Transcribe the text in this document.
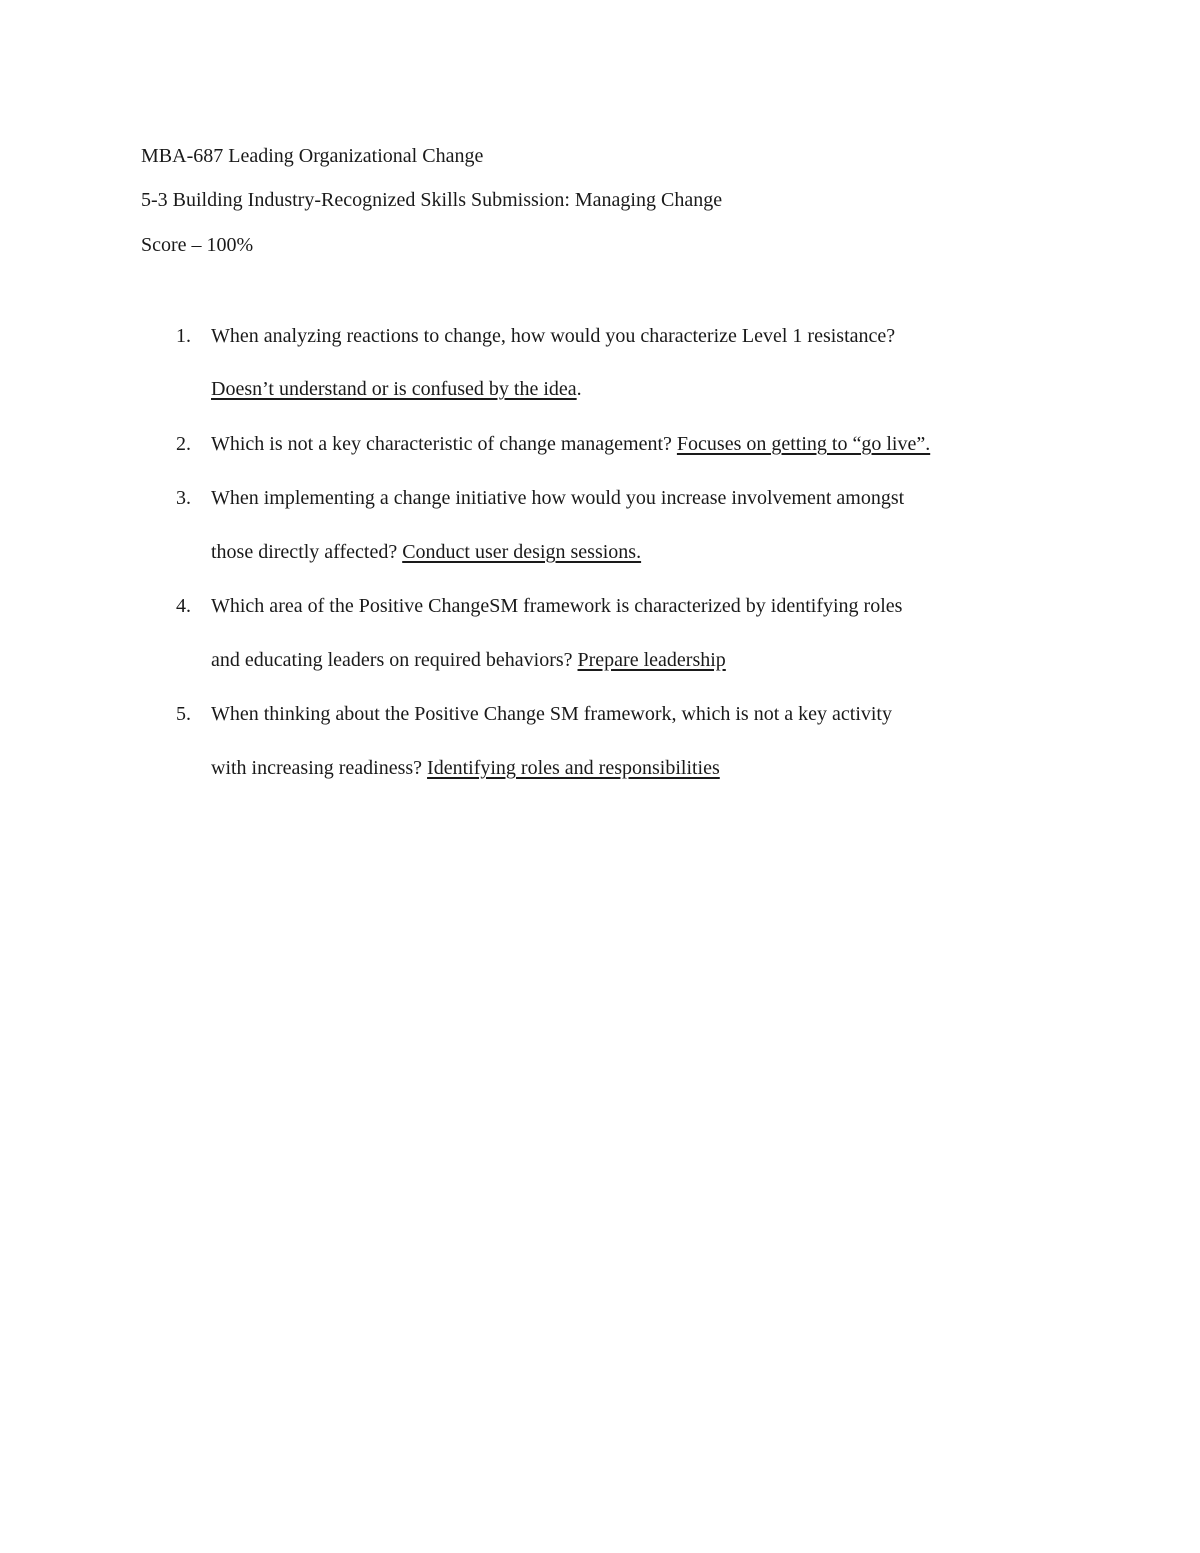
MBA-687 Leading Organizational Change
5-3 Building Industry-Recognized Skills Submission: Managing Change
Score – 100%
1. When analyzing reactions to change, how would you characterize Level 1 resistance?
Doesn’t understand or is confused by the idea.
2. Which is not a key characteristic of change management? Focuses on getting to “go live”.
3. When implementing a change initiative how would you increase involvement amongst
those directly affected? Conduct user design sessions.
4. Which area of the Positive ChangeSM framework is characterized by identifying roles
and educating leaders on required behaviors? Prepare leadership
5. When thinking about the Positive Change SM framework, which is not a key activity
with increasing readiness? Identifying roles and responsibilities
